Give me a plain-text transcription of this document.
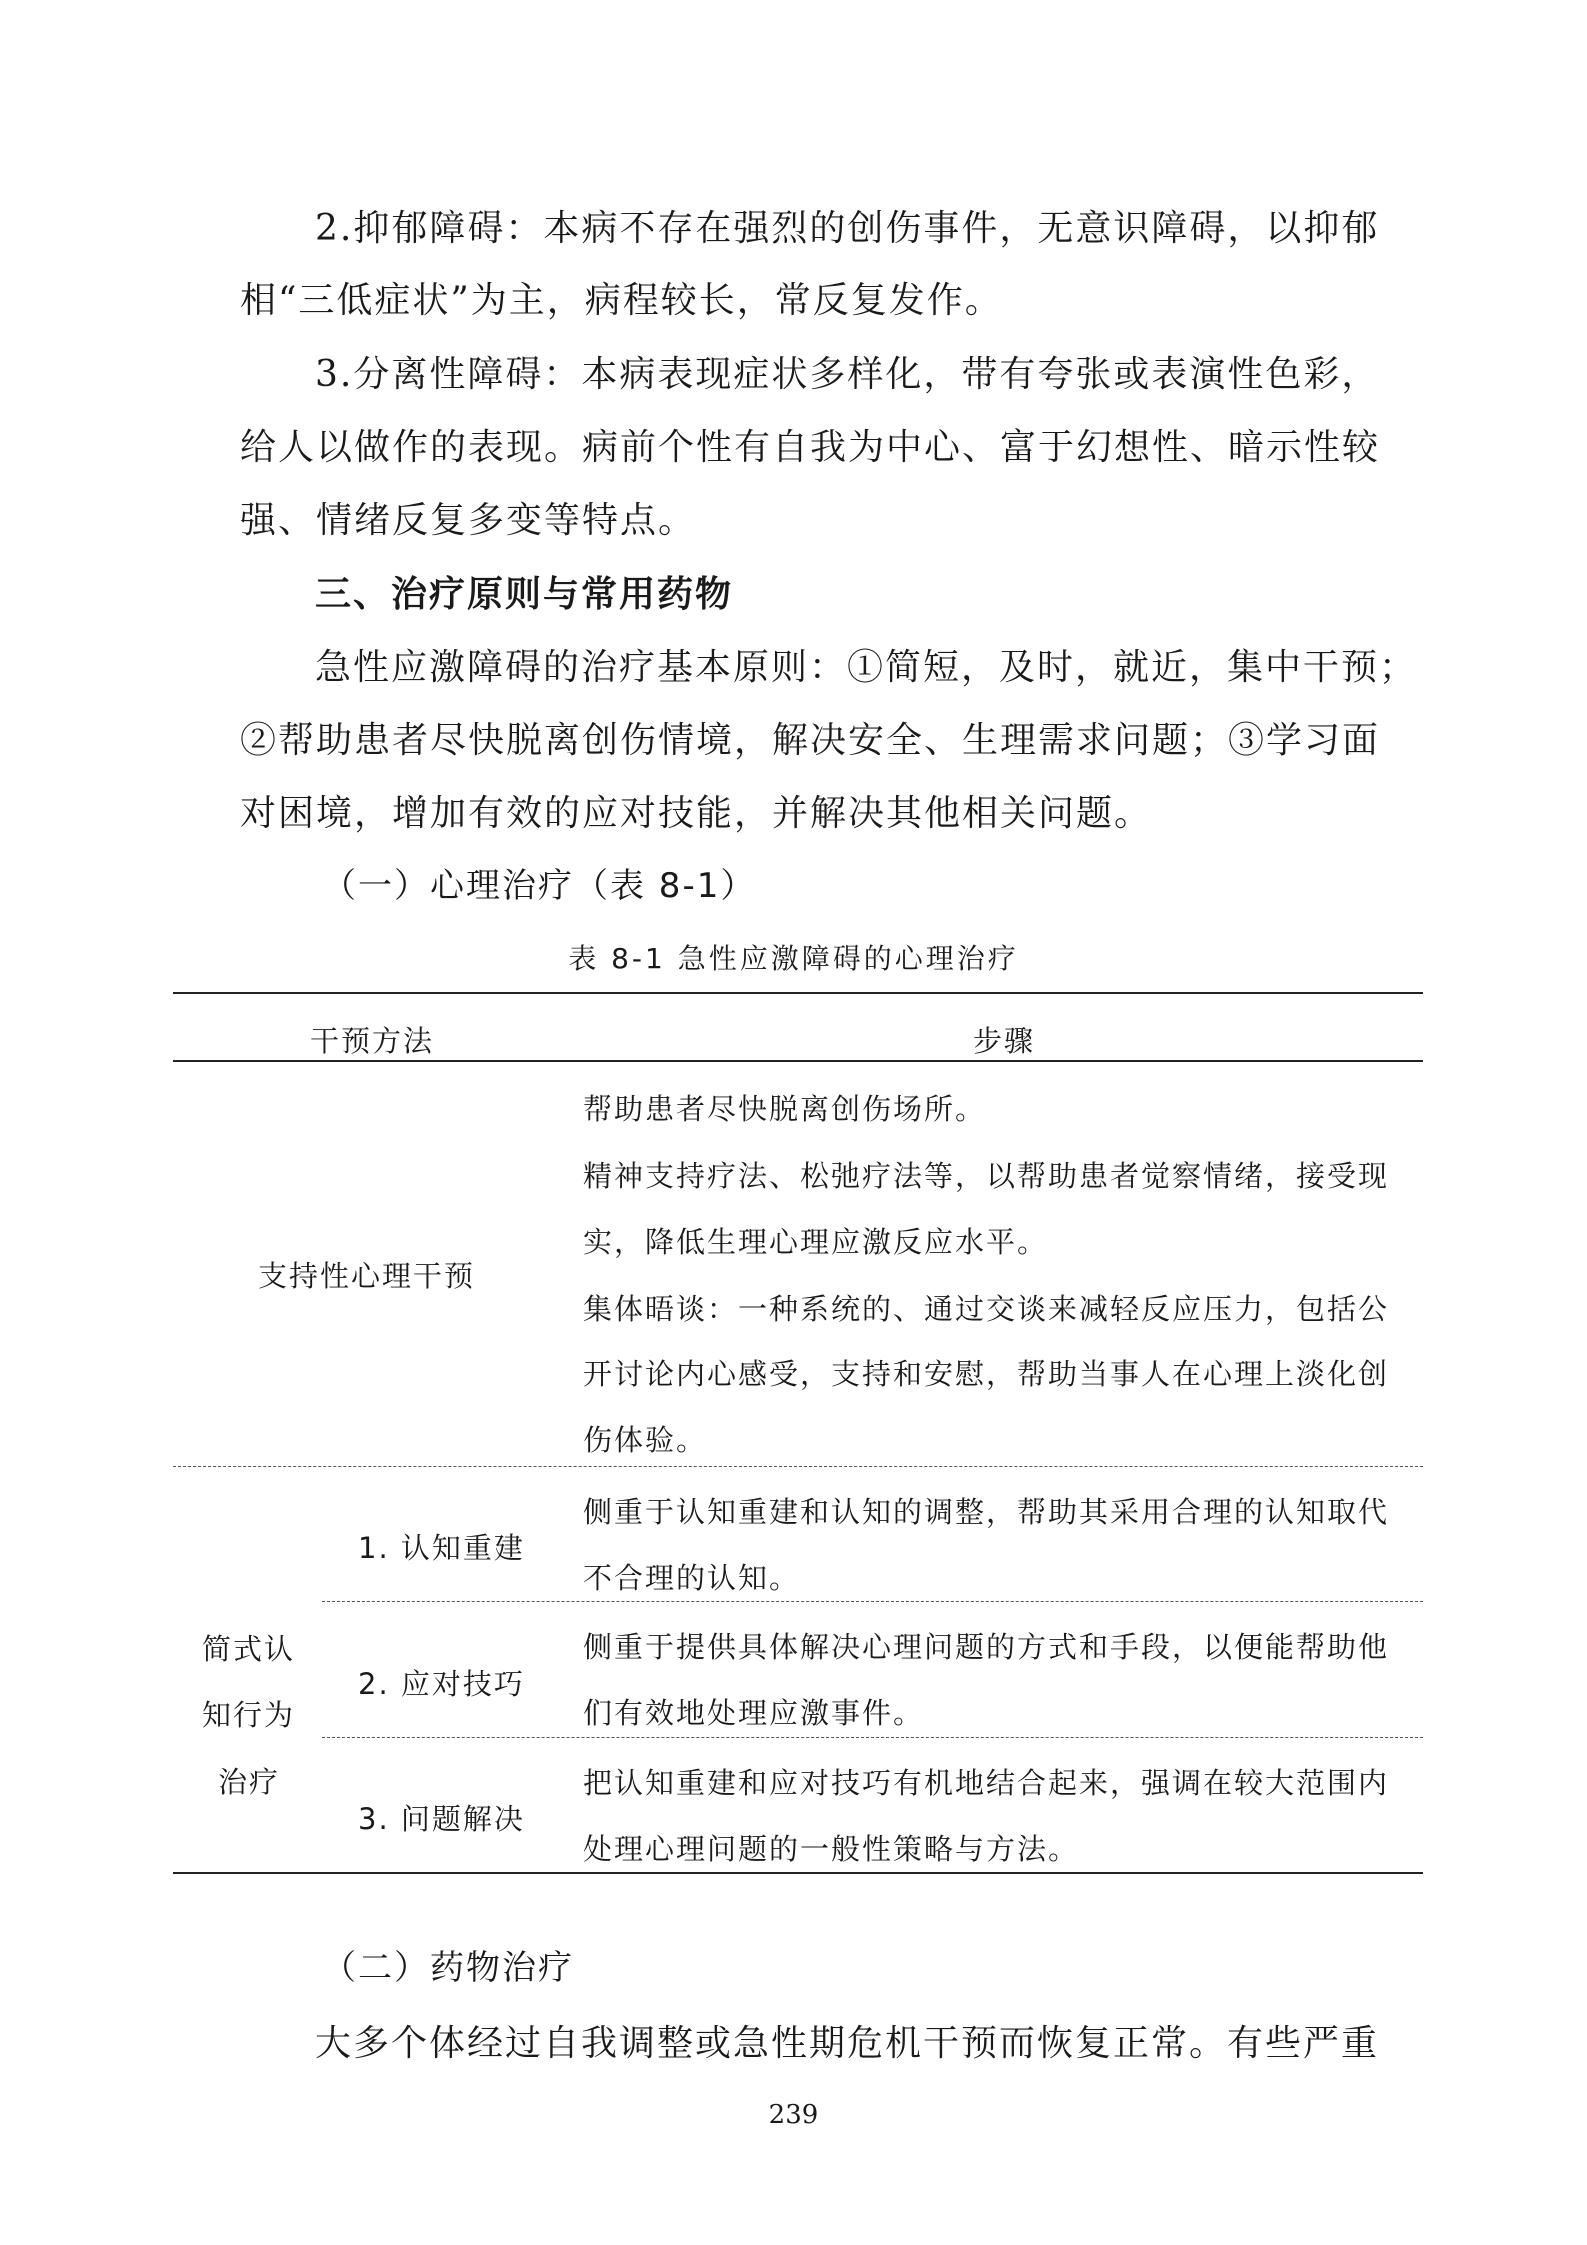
2.抑郁障碍：本病不存在强烈的创伤事件，无意识障碍，以抑郁

相“三低症状”为主，病程较长，常反复发作。

3.分离性障碍：本病表现症状多样化，带有夸张或表演性色彩，

给人以做作的表现。病前个性有自我为中心、富于幻想性、暗示性较

强、情绪反复多变等特点。

三、治疗原则与常用药物

急性应激障碍的治疗基本原则：①简短，及时，就近，集中干预；

②帮助患者尽快脱离创伤情境，解决安全、生理需求问题；③学习面

对困境，增加有效的应对技能，并解决其他相关问题。

（一）心理治疗（表 8-1）
表 8-1 急性应激障碍的心理治疗
干预方法	步骤
支持性心理干预
帮助患者尽快脱离创伤场所。
精神支持疗法、松弛疗法等，以帮助患者觉察情绪，接受现
实，降低生理心理应激反应水平。
集体晤谈：一种系统的、通过交谈来减轻反应压力，包括公
开讨论内心感受，支持和安慰，帮助当事人在心理上淡化创
伤体验。
简式认
知行为
治疗
1. 认知重建
侧重于认知重建和认知的调整，帮助其采用合理的认知取代
不合理的认知。
2. 应对技巧
侧重于提供具体解决心理问题的方式和手段，以便能帮助他
们有效地处理应激事件。
3. 问题解决
把认知重建和应对技巧有机地结合起来，强调在较大范围内
处理心理问题的一般性策略与方法。
（二）药物治疗

大多个体经过自我调整或急性期危机干预而恢复正常。有些严重

239
